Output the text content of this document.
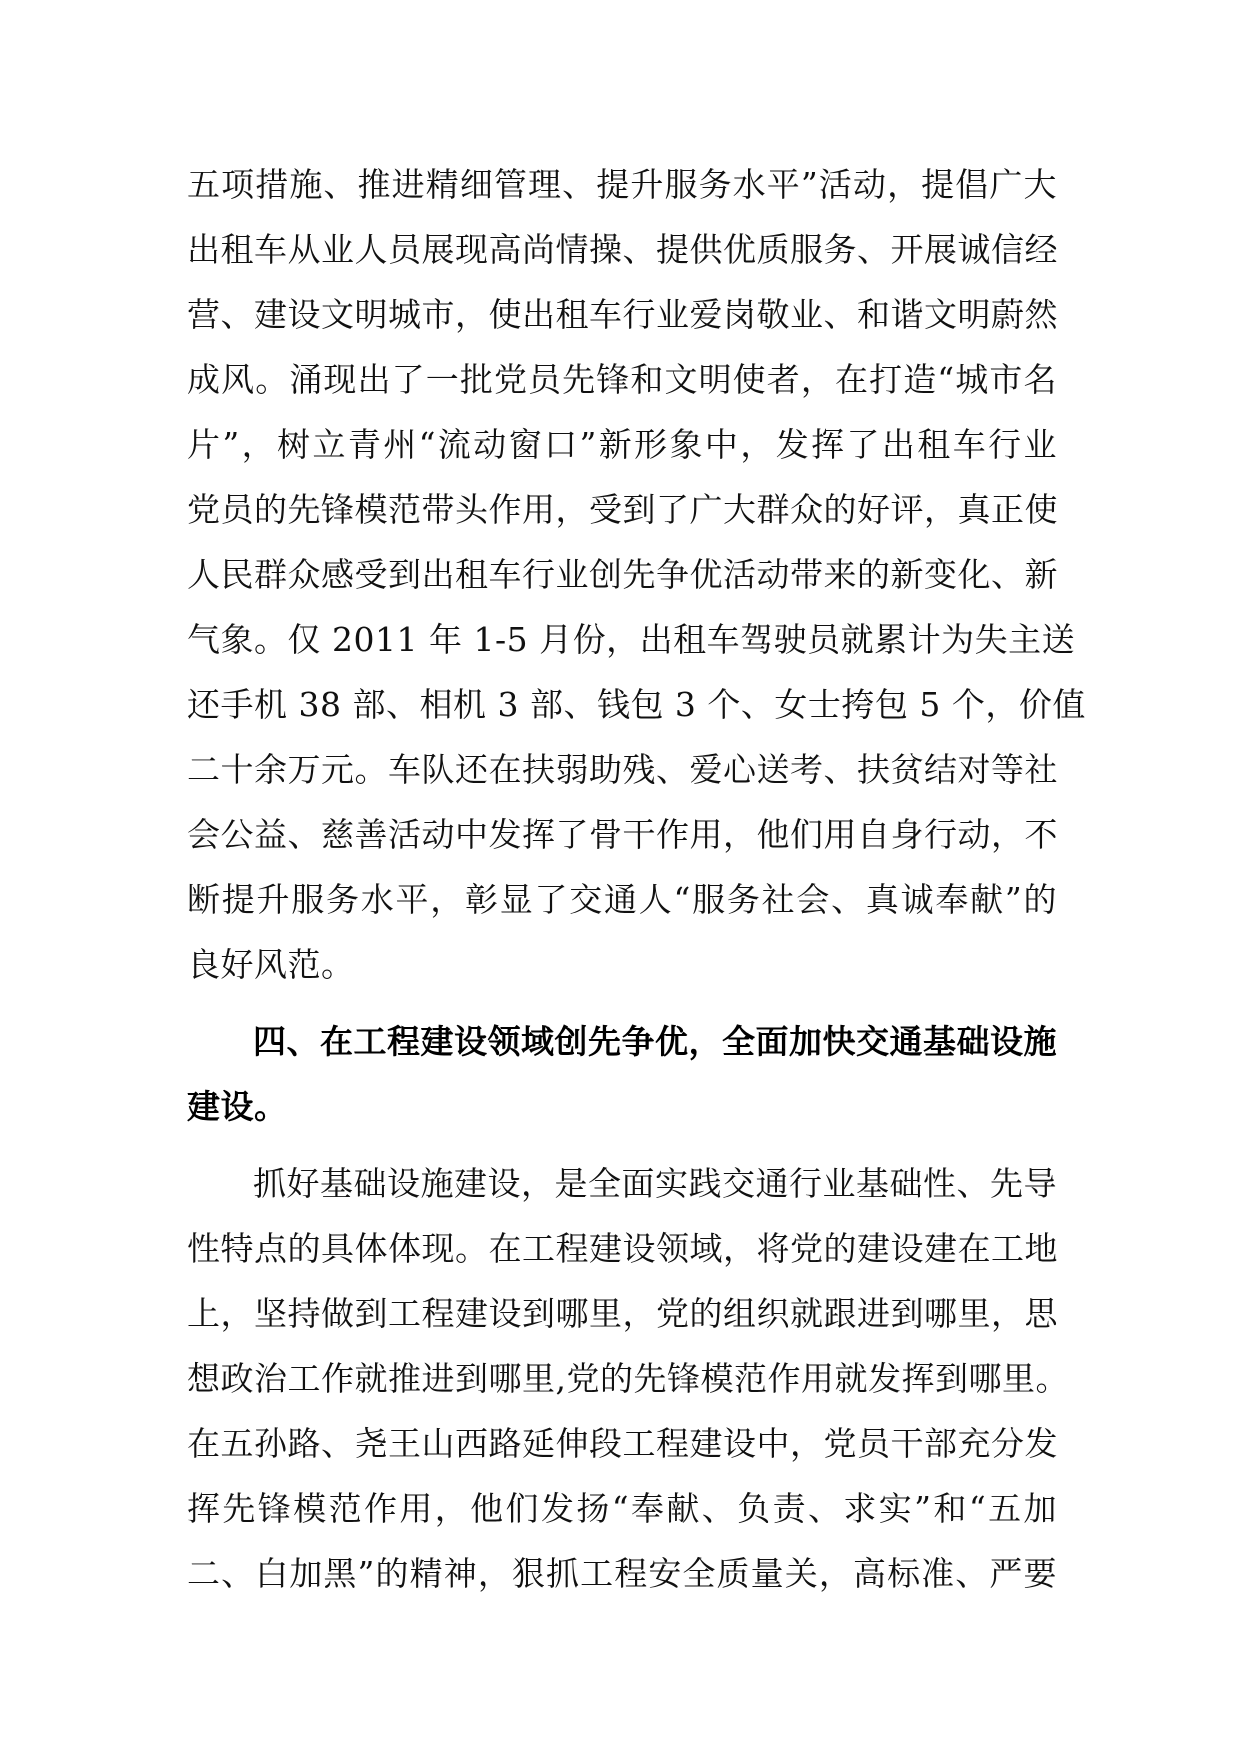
五项措施、推进精细管理、提升服务水平”活动，提倡广大
出租车从业人员展现高尚情操、提供优质服务、开展诚信经
营、建设文明城市，使出租车行业爱岗敬业、和谐文明蔚然
成风。涌现出了一批党员先锋和文明使者，在打造“城市名
片”，树立青州“流动窗口”新形象中，发挥了出租车行业
党员的先锋模范带头作用，受到了广大群众的好评，真正使
人民群众感受到出租车行业创先争优活动带来的新变化、新
气象。仅 2011 年 1-5 月份，出租车驾驶员就累计为失主送
还手机 38 部、相机 3 部、钱包 3 个、女士挎包 5 个，价值
二十余万元。车队还在扶弱助残、爱心送考、扶贫结对等社
会公益、慈善活动中发挥了骨干作用，他们用自身行动，不
断提升服务水平，彰显了交通人“服务社会、真诚奉献”的
良好风范。
四、在工程建设领域创先争优，全面加快交通基础设施
建设。
抓好基础设施建设，是全面实践交通行业基础性、先导
性特点的具体体现。在工程建设领域，将党的建设建在工地
上，坚持做到工程建设到哪里，党的组织就跟进到哪里，思
想政治工作就推进到哪里,党的先锋模范作用就发挥到哪里。
在五孙路、尧王山西路延伸段工程建设中，党员干部充分发
挥先锋模范作用，他们发扬“奉献、负责、求实”和“五加
二、白加黑”的精神，狠抓工程安全质量关，高标准、严要
